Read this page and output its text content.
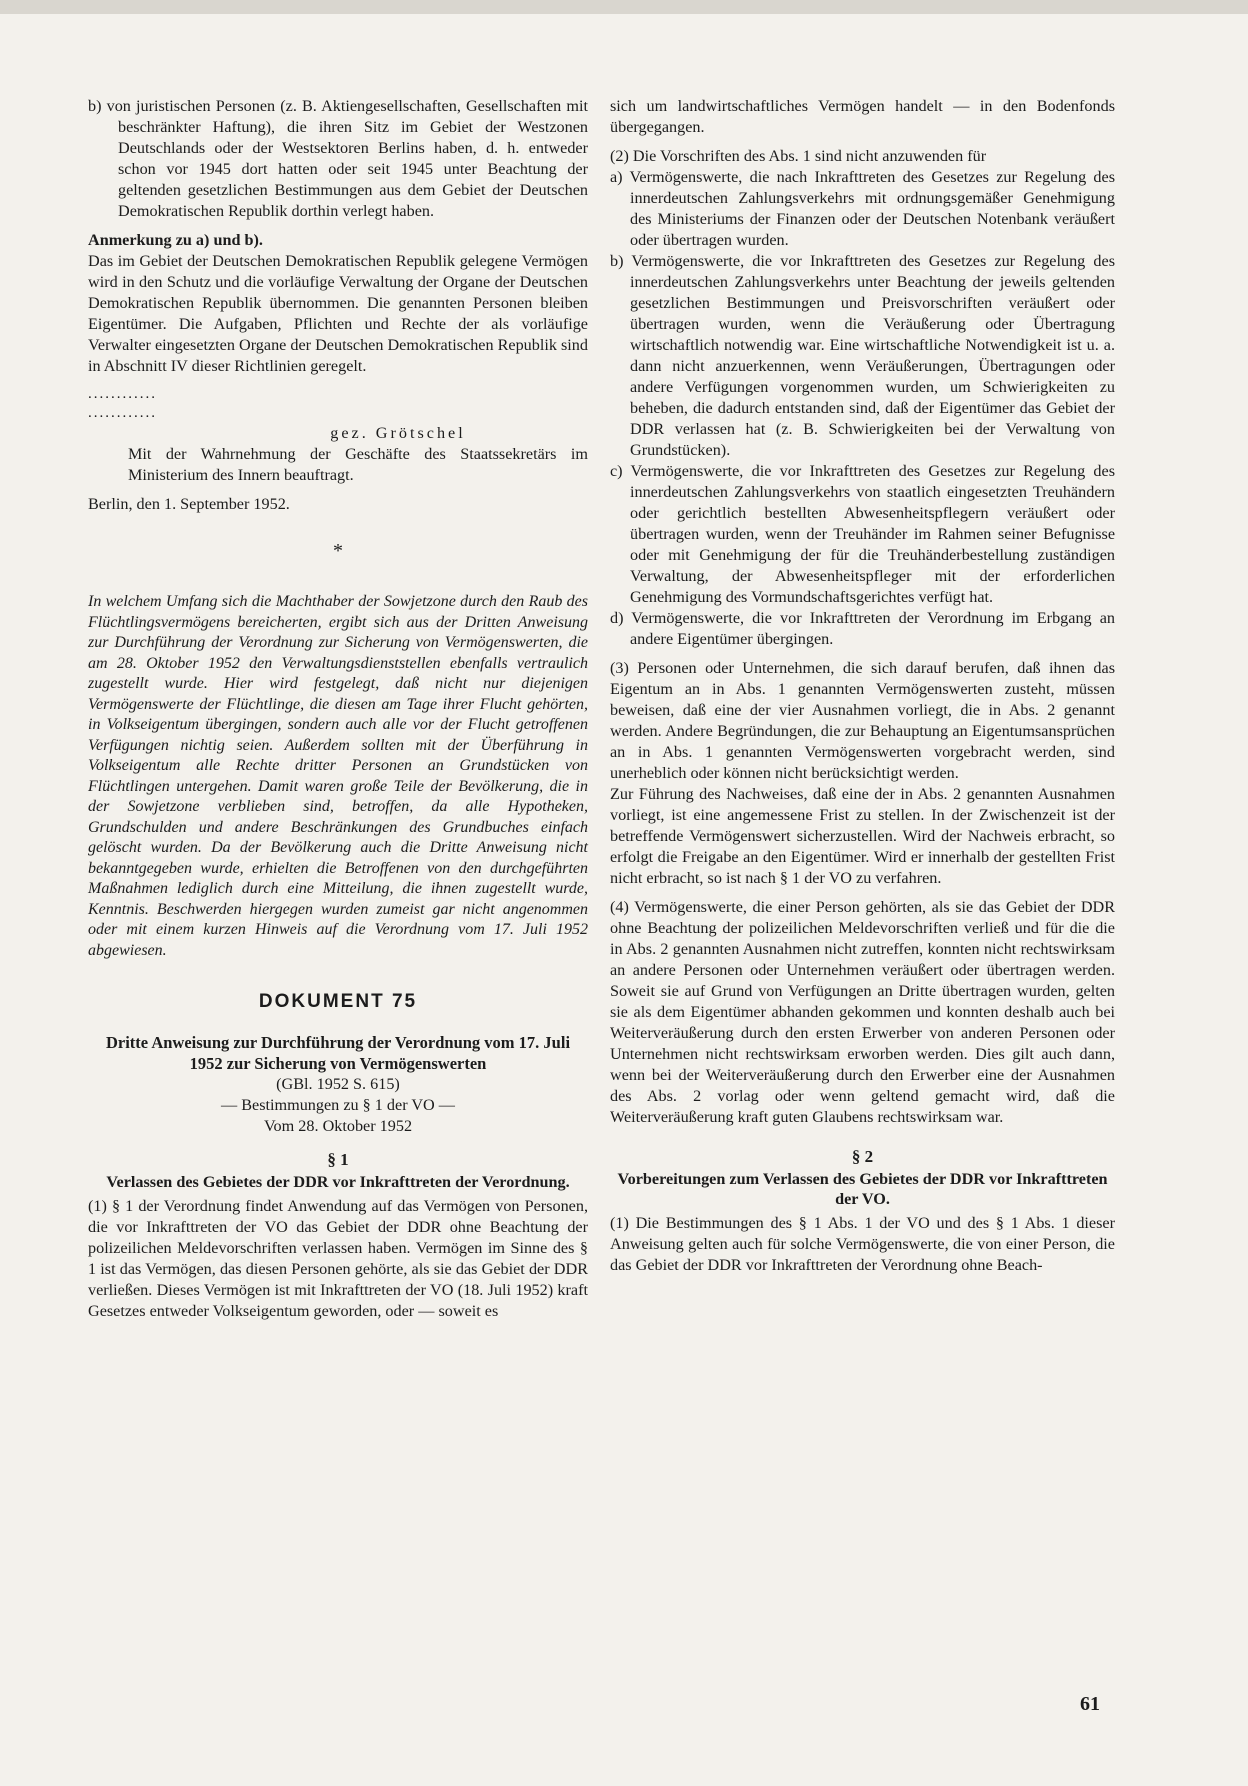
b) von juristischen Personen (z. B. Aktiengesellschaften, Gesellschaften mit beschränkter Haftung), die ihren Sitz im Gebiet der Westzonen Deutschlands oder der Westsektoren Berlins haben, d. h. entweder schon vor 1945 dort hatten oder seit 1945 unter Beachtung der geltenden gesetzlichen Bestimmungen aus dem Gebiet der Deutschen Demokratischen Republik dorthin verlegt haben.

Anmerkung zu a) und b).

Das im Gebiet der Deutschen Demokratischen Republik gelegene Vermögen wird in den Schutz und die vorläufige Verwaltung der Organe der Deutschen Demokratischen Republik übernommen. Die genannten Personen bleiben Eigentümer. Die Aufgaben, Pflichten und Rechte der als vorläufige Verwalter eingesetzten Organe der Deutschen Demokratischen Republik sind in Abschnitt IV dieser Richtlinien geregelt.

............

............

gez. Grötschel

Mit der Wahrnehmung der Geschäfte des Staatssekretärs im Ministerium des Innern beauftragt.

Berlin, den 1. September 1952.

*

In welchem Umfang sich die Machthaber der Sowjetzone durch den Raub des Flüchtlingsvermögens bereicherten, ergibt sich aus der Dritten Anweisung zur Durchführung der Verordnung zur Sicherung von Vermögenswerten, die am 28. Oktober 1952 den Verwaltungsdienststellen ebenfalls vertraulich zugestellt wurde. Hier wird festgelegt, daß nicht nur diejenigen Vermögenswerte der Flüchtlinge, die diesen am Tage ihrer Flucht gehörten, in Volkseigentum übergingen, sondern auch alle vor der Flucht getroffenen Verfügungen nichtig seien. Außerdem sollten mit der Überführung in Volkseigentum alle Rechte dritter Personen an Grundstücken von Flüchtlingen untergehen. Damit waren große Teile der Bevölkerung, die in der Sowjetzone verblieben sind, betroffen, da alle Hypotheken, Grundschulden und andere Beschränkungen des Grundbuches einfach gelöscht wurden. Da der Bevölkerung auch die Dritte Anweisung nicht bekanntgegeben wurde, erhielten die Betroffenen von den durchgeführten Maßnahmen lediglich durch eine Mitteilung, die ihnen zugestellt wurde, Kenntnis. Beschwerden hiergegen wurden zumeist gar nicht angenommen oder mit einem kurzen Hinweis auf die Verordnung vom 17. Juli 1952 abgewiesen.

DOKUMENT 75

Dritte Anweisung zur Durchführung der Verordnung vom 17. Juli 1952 zur Sicherung von Vermögenswerten

(GBl. 1952 S. 615)

— Bestimmungen zu § 1 der VO —

Vom 28. Oktober 1952

§ 1

Verlassen des Gebietes der DDR vor Inkrafttreten der Verordnung.

(1) § 1 der Verordnung findet Anwendung auf das Vermögen von Personen, die vor Inkrafttreten der VO das Gebiet der DDR ohne Beachtung der polizeilichen Meldevorschriften verlassen haben. Vermögen im Sinne des § 1 ist das Vermögen, das diesen Personen gehörte, als sie das Gebiet der DDR verließen. Dieses Vermögen ist mit Inkrafttreten der VO (18. Juli 1952) kraft Gesetzes entweder Volkseigentum geworden, oder — soweit es

sich um landwirtschaftliches Vermögen handelt — in den Bodenfonds übergegangen.

(2) Die Vorschriften des Abs. 1 sind nicht anzuwenden für

a) Vermögenswerte, die nach Inkrafttreten des Gesetzes zur Regelung des innerdeutschen Zahlungsverkehrs mit ordnungsgemäßer Genehmigung des Ministeriums der Finanzen oder der Deutschen Notenbank veräußert oder übertragen wurden.

b) Vermögenswerte, die vor Inkrafttreten des Gesetzes zur Regelung des innerdeutschen Zahlungsverkehrs unter Beachtung der jeweils geltenden gesetzlichen Bestimmungen und Preisvorschriften veräußert oder übertragen wurden, wenn die Veräußerung oder Übertragung wirtschaftlich notwendig war. Eine wirtschaftliche Notwendigkeit ist u. a. dann nicht anzuerkennen, wenn Veräußerungen, Übertragungen oder andere Verfügungen vorgenommen wurden, um Schwierigkeiten zu beheben, die dadurch entstanden sind, daß der Eigentümer das Gebiet der DDR verlassen hat (z. B. Schwierigkeiten bei der Verwaltung von Grundstücken).

c) Vermögenswerte, die vor Inkrafttreten des Gesetzes zur Regelung des innerdeutschen Zahlungsverkehrs von staatlich eingesetzten Treuhändern oder gerichtlich bestellten Abwesenheitspflegern veräußert oder übertragen wurden, wenn der Treuhänder im Rahmen seiner Befugnisse oder mit Genehmigung der für die Treuhänderbestellung zuständigen Verwaltung, der Abwesenheitspfleger mit der erforderlichen Genehmigung des Vormundschaftsgerichtes verfügt hat.

d) Vermögenswerte, die vor Inkrafttreten der Verordnung im Erbgang an andere Eigentümer übergingen.

(3) Personen oder Unternehmen, die sich darauf berufen, daß ihnen das Eigentum an in Abs. 1 genannten Vermögenswerten zusteht, müssen beweisen, daß eine der vier Ausnahmen vorliegt, die in Abs. 2 genannt werden. Andere Begründungen, die zur Behauptung an Eigentumsansprüchen an in Abs. 1 genannten Vermögenswerten vorgebracht werden, sind unerheblich oder können nicht berücksichtigt werden.

Zur Führung des Nachweises, daß eine der in Abs. 2 genannten Ausnahmen vorliegt, ist eine angemessene Frist zu stellen. In der Zwischenzeit ist der betreffende Vermögenswert sicherzustellen. Wird der Nachweis erbracht, so erfolgt die Freigabe an den Eigentümer. Wird er innerhalb der gestellten Frist nicht erbracht, so ist nach § 1 der VO zu verfahren.

(4) Vermögenswerte, die einer Person gehörten, als sie das Gebiet der DDR ohne Beachtung der polizeilichen Meldevorschriften verließ und für die die in Abs. 2 genannten Ausnahmen nicht zutreffen, konnten nicht rechtswirksam an andere Personen oder Unternehmen veräußert oder übertragen werden. Soweit sie auf Grund von Verfügungen an Dritte übertragen wurden, gelten sie als dem Eigentümer abhanden gekommen und konnten deshalb auch bei Weiterveräußerung durch den ersten Erwerber von anderen Personen oder Unternehmen nicht rechtswirksam erworben werden. Dies gilt auch dann, wenn bei der Weiterveräußerung durch den Erwerber eine der Ausnahmen des Abs. 2 vorlag oder wenn geltend gemacht wird, daß die Weiterveräußerung kraft guten Glaubens rechtswirksam war.

§ 2

Vorbereitungen zum Verlassen des Gebietes der DDR vor Inkrafttreten der VO.

(1) Die Bestimmungen des § 1 Abs. 1 der VO und des § 1 Abs. 1 dieser Anweisung gelten auch für solche Vermögenswerte, die von einer Person, die das Gebiet der DDR vor Inkrafttreten der Verordnung ohne Beach-

61
